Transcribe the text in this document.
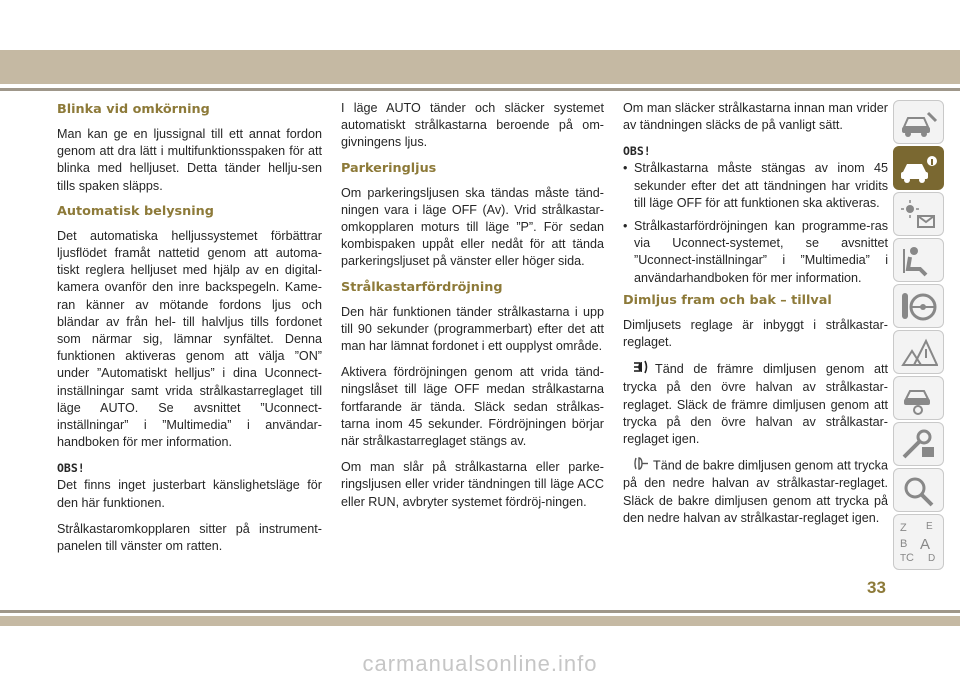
Blinka vid omkörning

Man kan ge en ljussignal till ett annat fordon genom att dra lätt i multifunktionsspaken för att blinka med helljuset. Detta tänder hellju-sen tills spaken släpps.

Automatisk belysning

Det automatiska helljussystemet förbättrar ljusflödet framåt nattetid genom att automa-tiskt reglera helljuset med hjälp av en digital-kamera ovanför den inre backspegeln. Kame-ran känner av mötande fordons ljus och bländar av från hel- till halvljus tills fordonet som närmar sig, lämnar synfältet. Denna funktionen aktiveras genom att välja ”ON” under ”Automatiskt helljus” i dina Uconnect-inställningar samt vrida strålkastarreglaget till läge AUTO. Se avsnittet ”Uconnect-inställningar” i ”Multimedia” i användar-handboken för mer information.

OBS!

Det finns inget justerbart känslighetsläge för den här funktionen.

Strålkastaromkopplaren sitter på instrument-panelen till vänster om ratten.

I läge AUTO tänder och släcker systemet automatiskt strålkastarna beroende på om-givningens ljus.

Parkeringljus

Om parkeringsljusen ska tändas måste tänd-ningen vara i läge OFF (Av). Vrid strålkastar-omkopplaren moturs till läge ”P”. För sedan kombispaken uppåt eller nedåt för att tända parkeringsljuset på vänster eller höger sida.

Strålkastarfördröjning

Den här funktionen tänder strålkastarna i upp till 90 sekunder (programmerbart) efter det att man har lämnat fordonet i ett oupplyst område.

Aktivera fördröjningen genom att vrida tänd-ningslåset till läge OFF medan strålkastarna fortfarande är tända. Släck sedan strålkas-tarna inom 45 sekunder. Fördröjningen börjar när strålkastarreglaget stängs av.

Om man slår på strålkastarna eller parke-ringsljusen eller vrider tändningen till läge ACC eller RUN, avbryter systemet fördröj-ningen.

Om man släcker strålkastarna innan man vrider av tändningen släcks de på vanligt sätt.

OBS!
• Strålkastarna måste stängas av inom 45 sekunder efter det att tändningen har vridits till läge OFF för att funktionen ska aktiveras.
• Strålkastarfördröjningen kan programme-ras via Uconnect-systemet, se avsnittet ”Uconnect-inställningar” i ”Multimedia” i användarhandboken för mer information.
Dimljus fram och bak – tillval

Dimljusets reglage är inbyggt i strålkastar-reglaget.

Tänd de främre dimljusen genom att trycka på den övre halvan av strålkastar-reglaget. Släck de främre dimljusen genom att trycka på den övre halvan av strålkastar-reglaget igen.

Tänd de bakre dimljusen genom att trycka på den nedre halvan av strålkastar-reglaget. Släck de bakre dimljusen genom att trycka på den nedre halvan av strålkastar-reglaget igen.

Z E
B A
C D
T
33
carmanualsonline.info
